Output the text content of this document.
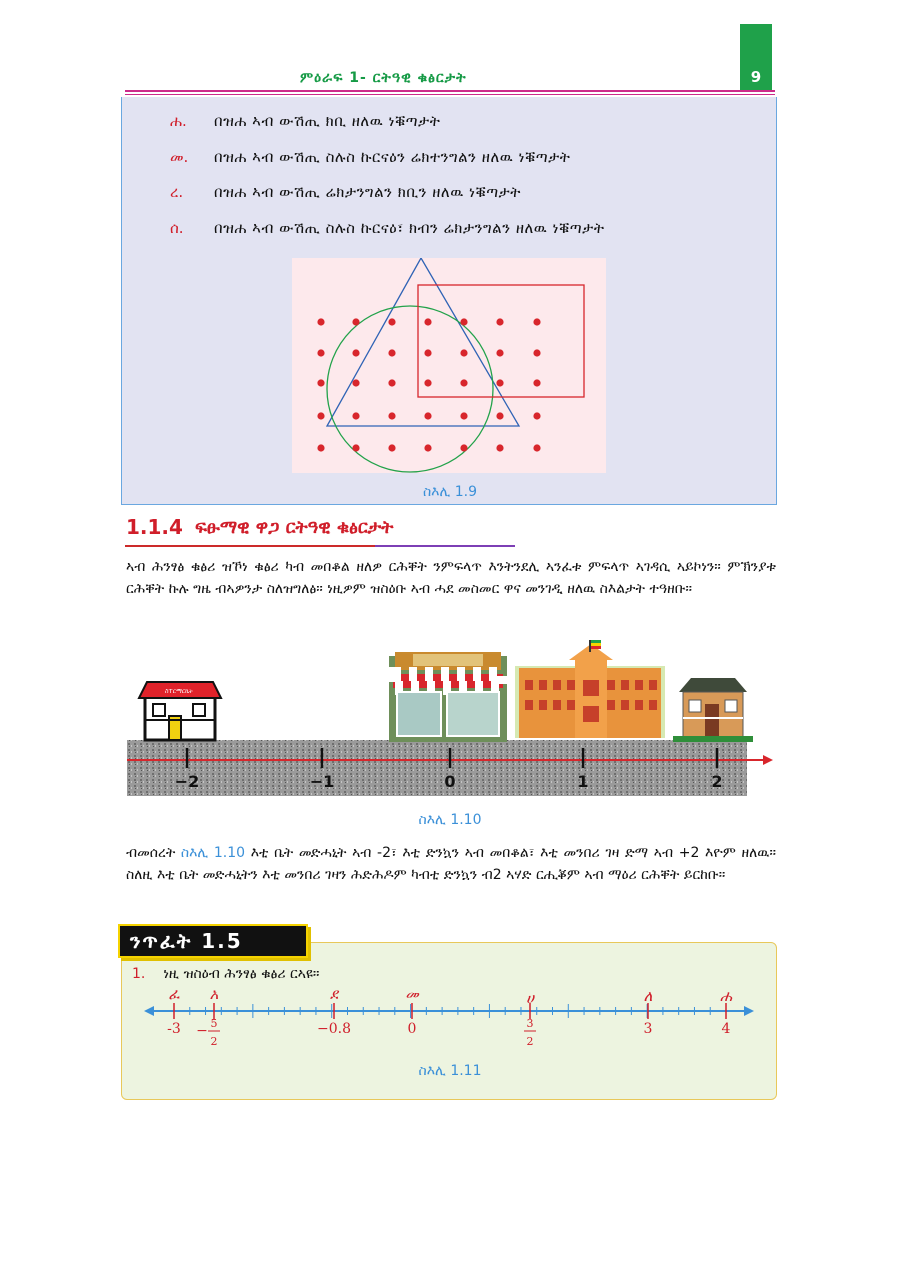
9
ምዕራፍ 1- ርትዓዊ ቁፅርታት
ሐ. በዝሐ ኣብ ውሽጢ ክቢ ዘለዉ ነቑጣታት
መ. በዝሐ ኣብ ውሽጢ ስሉስ ኩርናዕን ሬክተንግልን ዘለዉ ነቑጣታት
ረ. በዝሐ ኣብ ውሽጢ ሬክታንግልን ክቢን ዘለዉ ነቑጣታት
ሰ. በዝሐ ኣብ ውሽጢ ስሉስ ኩርናዕ፣ ክብን ሬክታንግልን ዘለዉ ነቑጣታት
ስእሊ 1.9
1.1.4 ፍፁማዊ ዋጋ ርትዓዊ ቁፅርታት
ኣብ ሕንፃፅ ቁፅሪ ዝኾነ ቁፅሪ ካብ መበቆል ዘለዎ ርሕቐት ንምፍላጥ እንትንደሊ ኣንፈቱ ምፍላጥ ኣገዳሲ ኣይኮነን። ምኽንያቱ ርሕቐት ኩሉ ግዜ ብኣዎንታ ስለዝግለፅ። ነዚዎም ዝስዕቡ ኣብ ሓደ መስመር ዋና መንገዲ ዘለዉ ስእልታት ተዓዘቡ።
−2	−1	0	1	2
ስፐርማርኬት
ስእሊ 1.10
ብመሰረት ስእሊ 1.10 እቲ ቤት መድሓኒት ኣብ -2፣ እቲ ድንኳን ኣብ መበቆል፣ እቲ መንበሪ ገዛ ድማ ኣብ +2 እዮም ዘለዉ። ስለዚ እቲ ቤት መድሓኒትን እቲ መንበሪ ገዛን ሕድሕዶም ካብቲ ድንኳን ብ2 ኣሃድ ርሒቖም ኣብ ማዕሪ ርሕቐት ይርከቡ።
ንጥፈት 1.5
1. ነዚ ዝስዕብ ሕንፃፅ ቁፅሪ ርኣዩ።
ፈ አ	ደ	መ	ሀ	ለ	ሐ
-3 − 5
2
−0.8	0	3
2
3	4
ስእሊ 1.11
